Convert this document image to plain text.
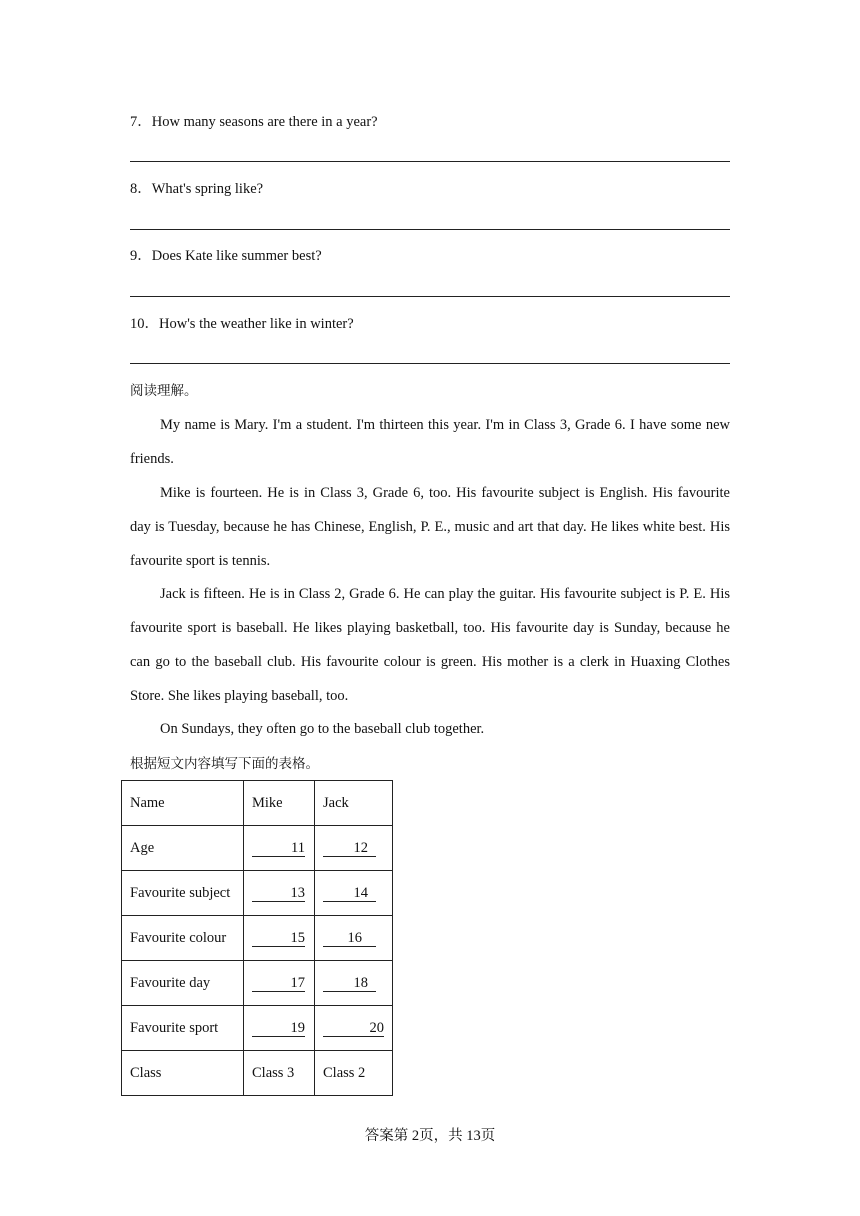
7．How many seasons are there in a year?
8．What's spring like?
9．Does Kate like summer best?
10．How's the weather like in winter?
阅读理解。
My name is Mary. I'm a student. I'm thirteen this year. I'm in Class 3, Grade 6. I have some new friends.
Mike is fourteen. He is in Class 3, Grade 6, too. His favourite subject is English. His favourite day is Tuesday, because he has Chinese, English, P. E., music and art that day. He likes white best. His favourite sport is tennis.
Jack is fifteen. He is in Class 2, Grade 6. He can play the guitar. His favourite subject is P. E. His favourite sport is baseball. He likes playing basketball, too. His favourite day is Sunday, because he can go to the baseball club. His favourite colour is green. His mother is a clerk in Huaxing Clothes Store. She likes playing baseball, too.
On Sundays, they often go to the baseball club together.
根据短文内容填写下面的表格。
Name	Mike	Jack
Age	11	12
Favourite subject	13	14
Favourite colour	15	16
Favourite day	17	18
Favourite sport	19	20
Class	Class 3	Class 2
答案第 2页，共 13页
